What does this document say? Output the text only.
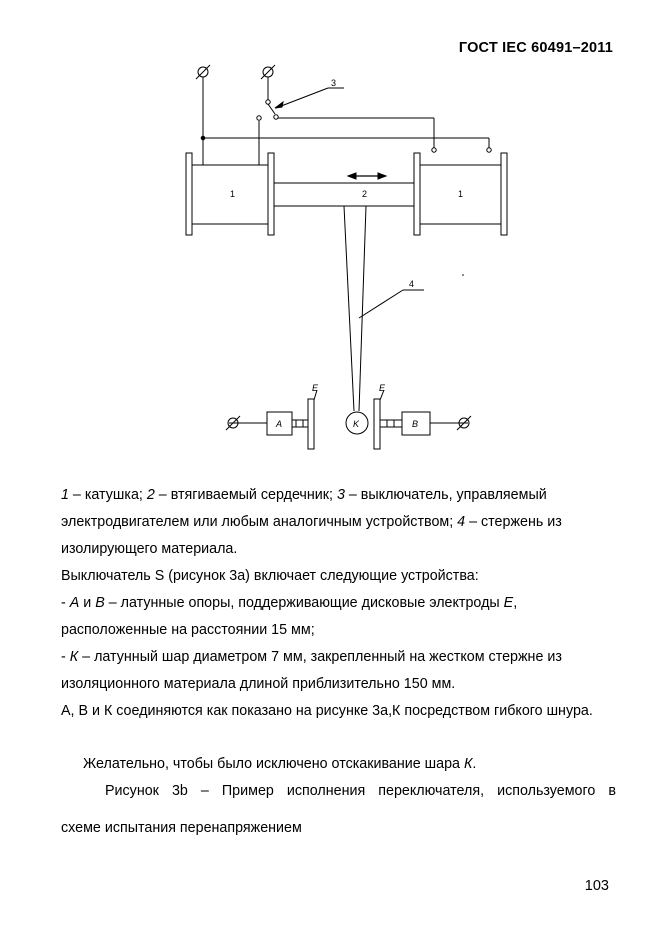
ГОСТ IEC 60491–2011
1	1
2
3
4
E	E
A	K	B
1 – катушка; 2 – втягиваемый сердечник; 3 – выключатель, управляемый электродвигателем или любым аналогичным устройством; 4 – стержень из изолирующего материала.

Выключатель S (рисунок 3а) включает следующие устройства:

- А и В – латунные опоры, поддерживающие дисковые электроды Е, расположенные на расстоянии 15 мм;

- К – латунный шар диаметром 7 мм, закрепленный на жестком стержне из изоляционного материала длиной приблизительно 150 мм.

А, В и К соединяются как показано на рисунке 3а,К посредством гибкого шнура.

Желательно, чтобы было исключено отскакивание шара К.
Рисунок 3b – Пример исполнения переключателя, используемого в
схеме испытания перенапряжением
103
